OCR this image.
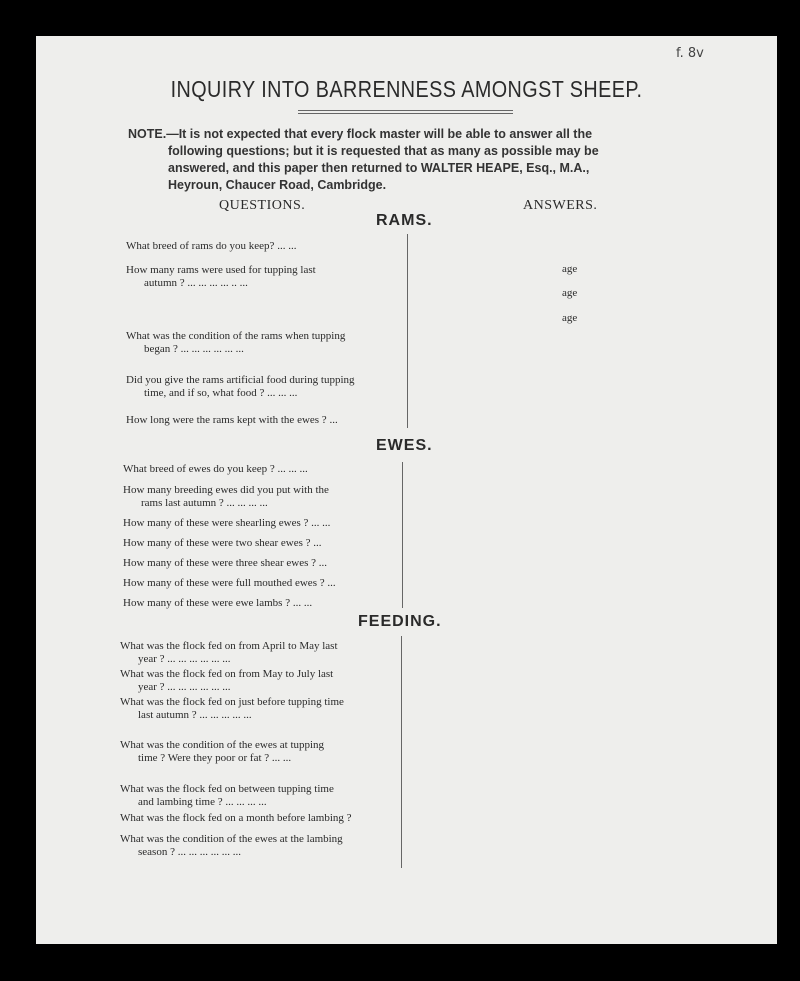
f. 8v
INQUIRY INTO BARRENNESS AMONGST SHEEP.
NOTE.—It is not expected that every flock master will be able to answer all the
following questions; but it is requested that as many as possible may be
answered, and this paper then returned to WALTER HEAPE, Esq., M.A.,
Heyroun, Chaucer Road, Cambridge.
QUESTIONS.	ANSWERS.
RAMS.
What breed of rams do you keep? ... ...
How many rams were used for tupping last
autumn ? ... ... ... ... .. ...
What was the condition of the rams when tupping
began ? ... ... ... ... ... ...
Did you give the rams artificial food during tupping
time, and if so, what food ? ... ... ...
How long were the rams kept with the ewes ? ...
age
age
age
EWES.
What breed of ewes do you keep ? ... ... ...
How many breeding ewes did you put with the
rams last autumn ? ... ... ... ...
How many of these were shearling ewes ? ... ...
How many of these were two shear ewes ? ...
How many of these were three shear ewes ? ...
How many of these were full mouthed ewes ? ...
How many of these were ewe lambs ? ... ...
FEEDING.
What was the flock fed on from April to May last
year ? ... ... ... ... ... ...
What was the flock fed on from May to July last
year ? ... ... ... ... ... ...
What was the flock fed on just before tupping time
last autumn ? ... ... ... ... ...
What was the condition of the ewes at tupping
time ? Were they poor or fat ? ... ...
What was the flock fed on between tupping time
and lambing time ? ... ... ... ...
What was the flock fed on a month before lambing ?
What was the condition of the ewes at the lambing
season ? ... ... ... ... ... ...
